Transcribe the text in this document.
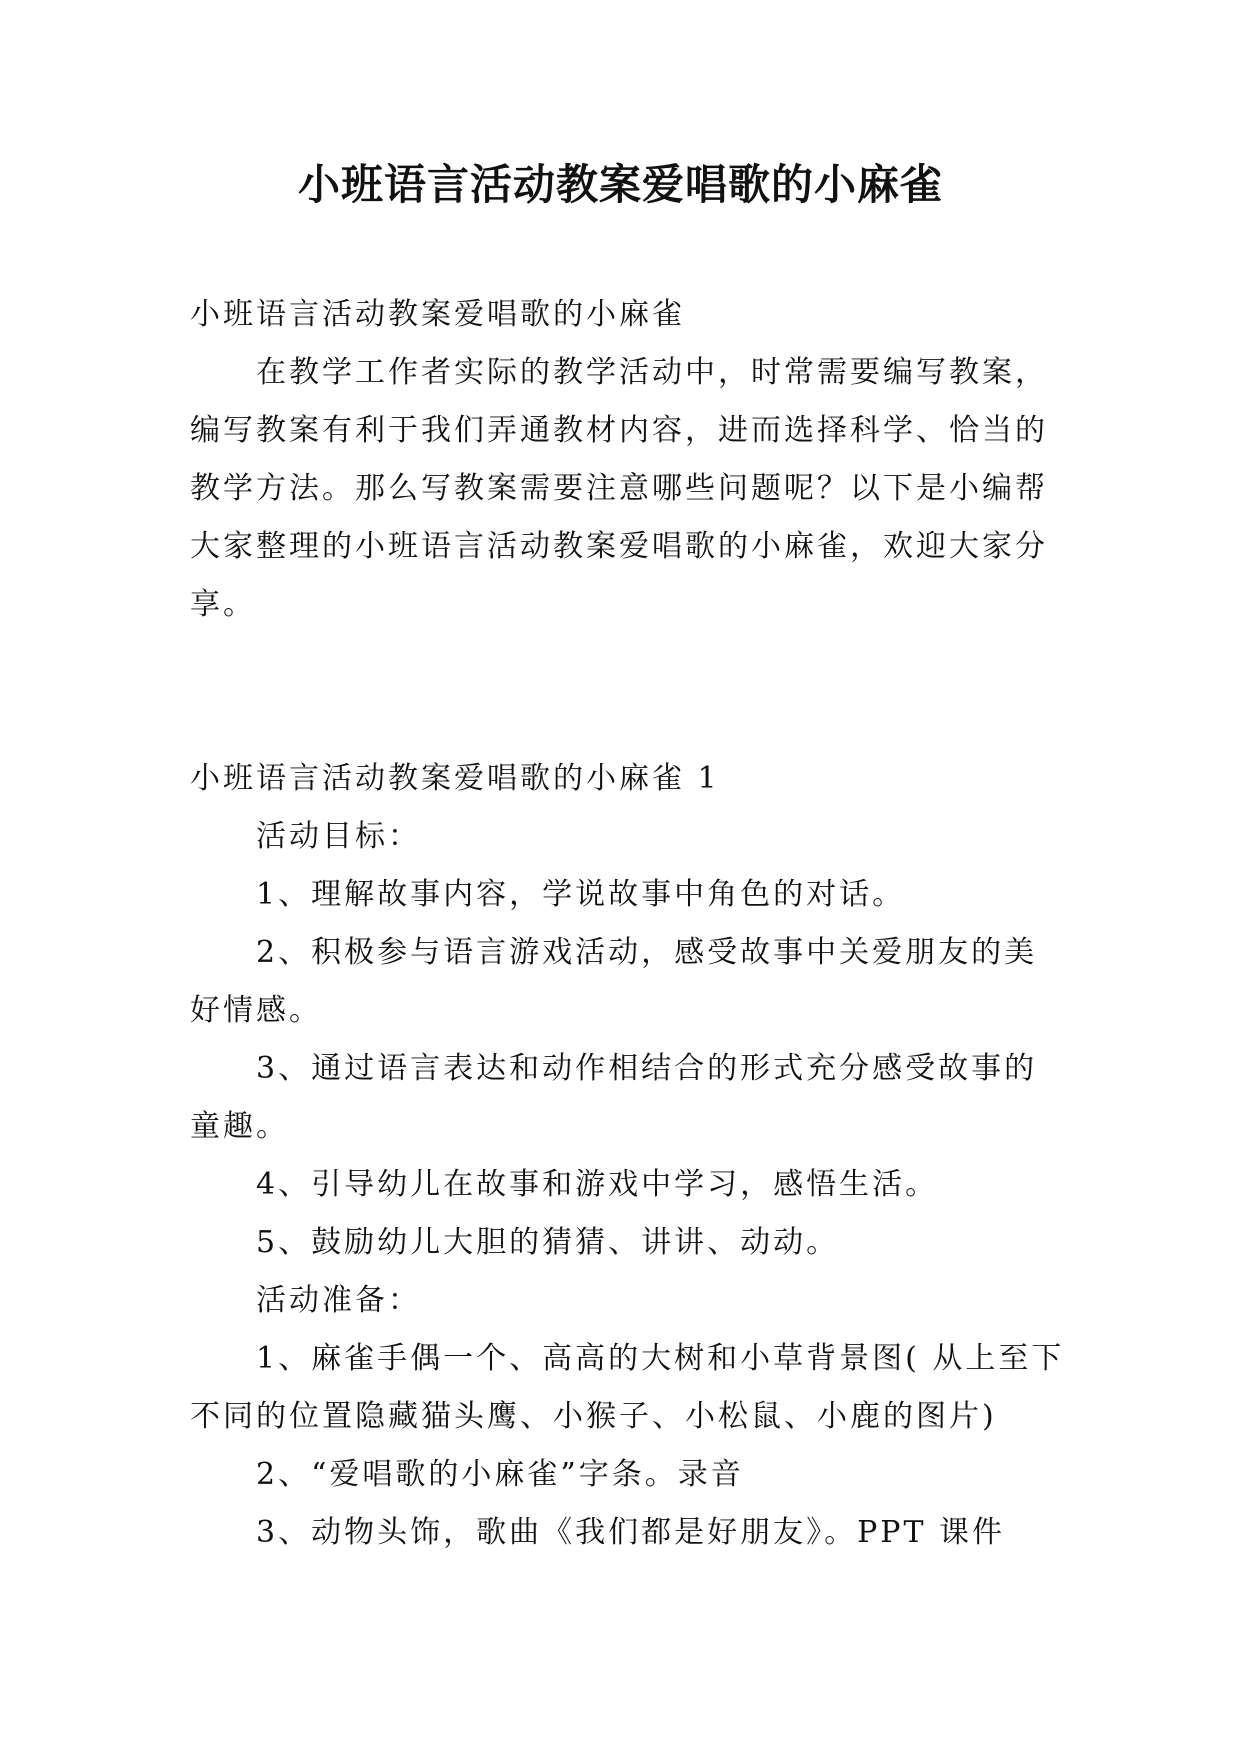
小班语言活动教案爱唱歌的小麻雀

小班语言活动教案爱唱歌的小麻雀

在教学工作者实际的教学活动中，时常需要编写教案，编写教案有利于我们弄通教材内容，进而选择科学、恰当的教学方法。那么写教案需要注意哪些问题呢？以下是小编帮大家整理的小班语言活动教案爱唱歌的小麻雀，欢迎大家分享。

小班语言活动教案爱唱歌的小麻雀 1

活动目标：

1、理解故事内容，学说故事中角色的对话。

2、积极参与语言游戏活动，感受故事中关爱朋友的美好情感。

3、通过语言表达和动作相结合的形式充分感受故事的童趣。

4、引导幼儿在故事和游戏中学习，感悟生活。

5、鼓励幼儿大胆的猜猜、讲讲、动动。

活动准备：

1、麻雀手偶一个、高高的大树和小草背景图( 从上至下不同的位置隐藏猫头鹰、小猴子、小松鼠、小鹿的图片)

2、“爱唱歌的小麻雀”字条。录音

3、动物头饰，歌曲《我们都是好朋友》。PPT 课件
